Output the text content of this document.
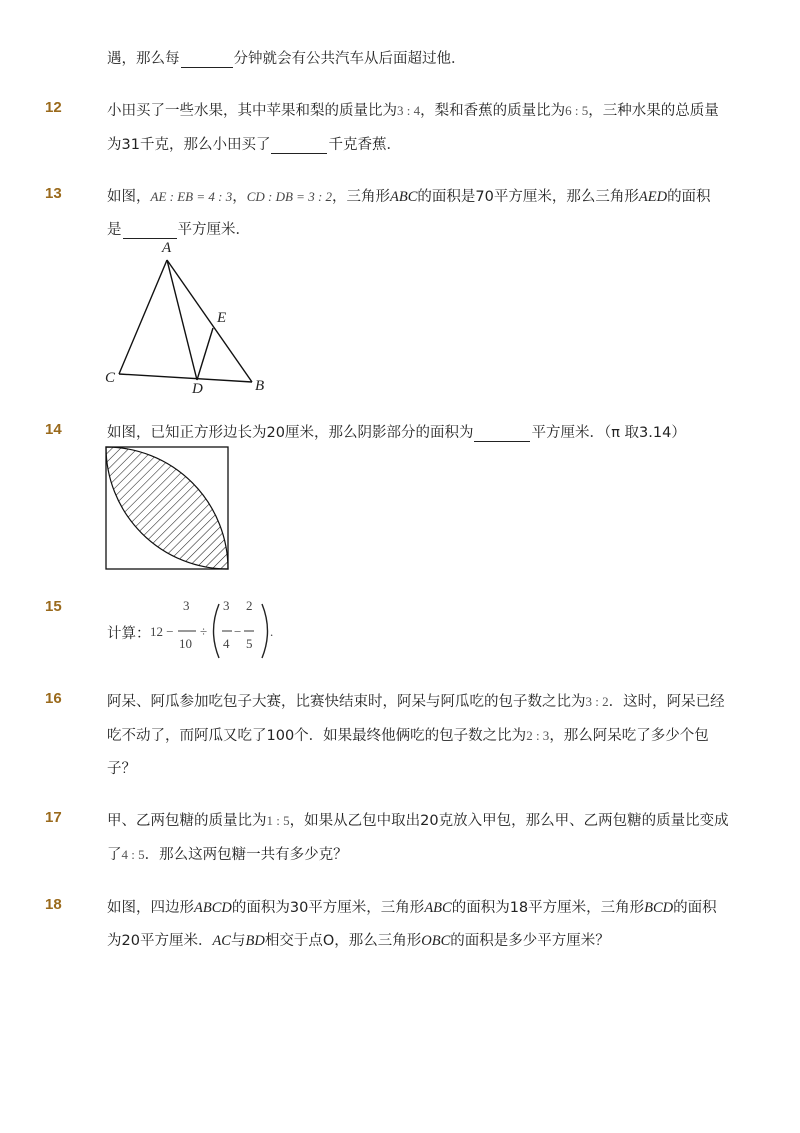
遇，那么每	分钟就会有公共汽车从后面超过他．
12	小田买了一些水果，其中苹果和梨的质量比为3 : 4，梨和香蕉的质量比为6 : 5，三种水果的总质量
为31千克，那么小田买了	千克香蕉．
13	如图，AE : EB = 4 : 3，CD : DB = 3 : 2，三角形ABC的面积是70平方厘米，那么三角形AED的面积
是	平方厘米．
A
C
D	B
E
14	如图，已知正方形边长为20厘米，那么阴影部分的面积为	平方厘米．（π 取3.14）
15
计算： 12 −
3
10
÷
3
4
−
2
5
.
16	阿呆、阿瓜参加吃包子大赛，比赛快结束时，阿呆与阿瓜吃的包子数之比为3 : 2．这时，阿呆已经
吃不动了，而阿瓜又吃了100个．如果最终他俩吃的包子数之比为2 : 3，那么阿呆吃了多少个包
子？
17	甲、乙两包糖的质量比为1 : 5，如果从乙包中取出20克放入甲包，那么甲、乙两包糖的质量比变成
了4 : 5．那么这两包糖一共有多少克？
18	如图，四边形ABCD的面积为30平方厘米，三角形ABC的面积为18平方厘米，三角形BCD的面积
为20平方厘米．AC与BD相交于点O，那么三角形OBC的面积是多少平方厘米？
